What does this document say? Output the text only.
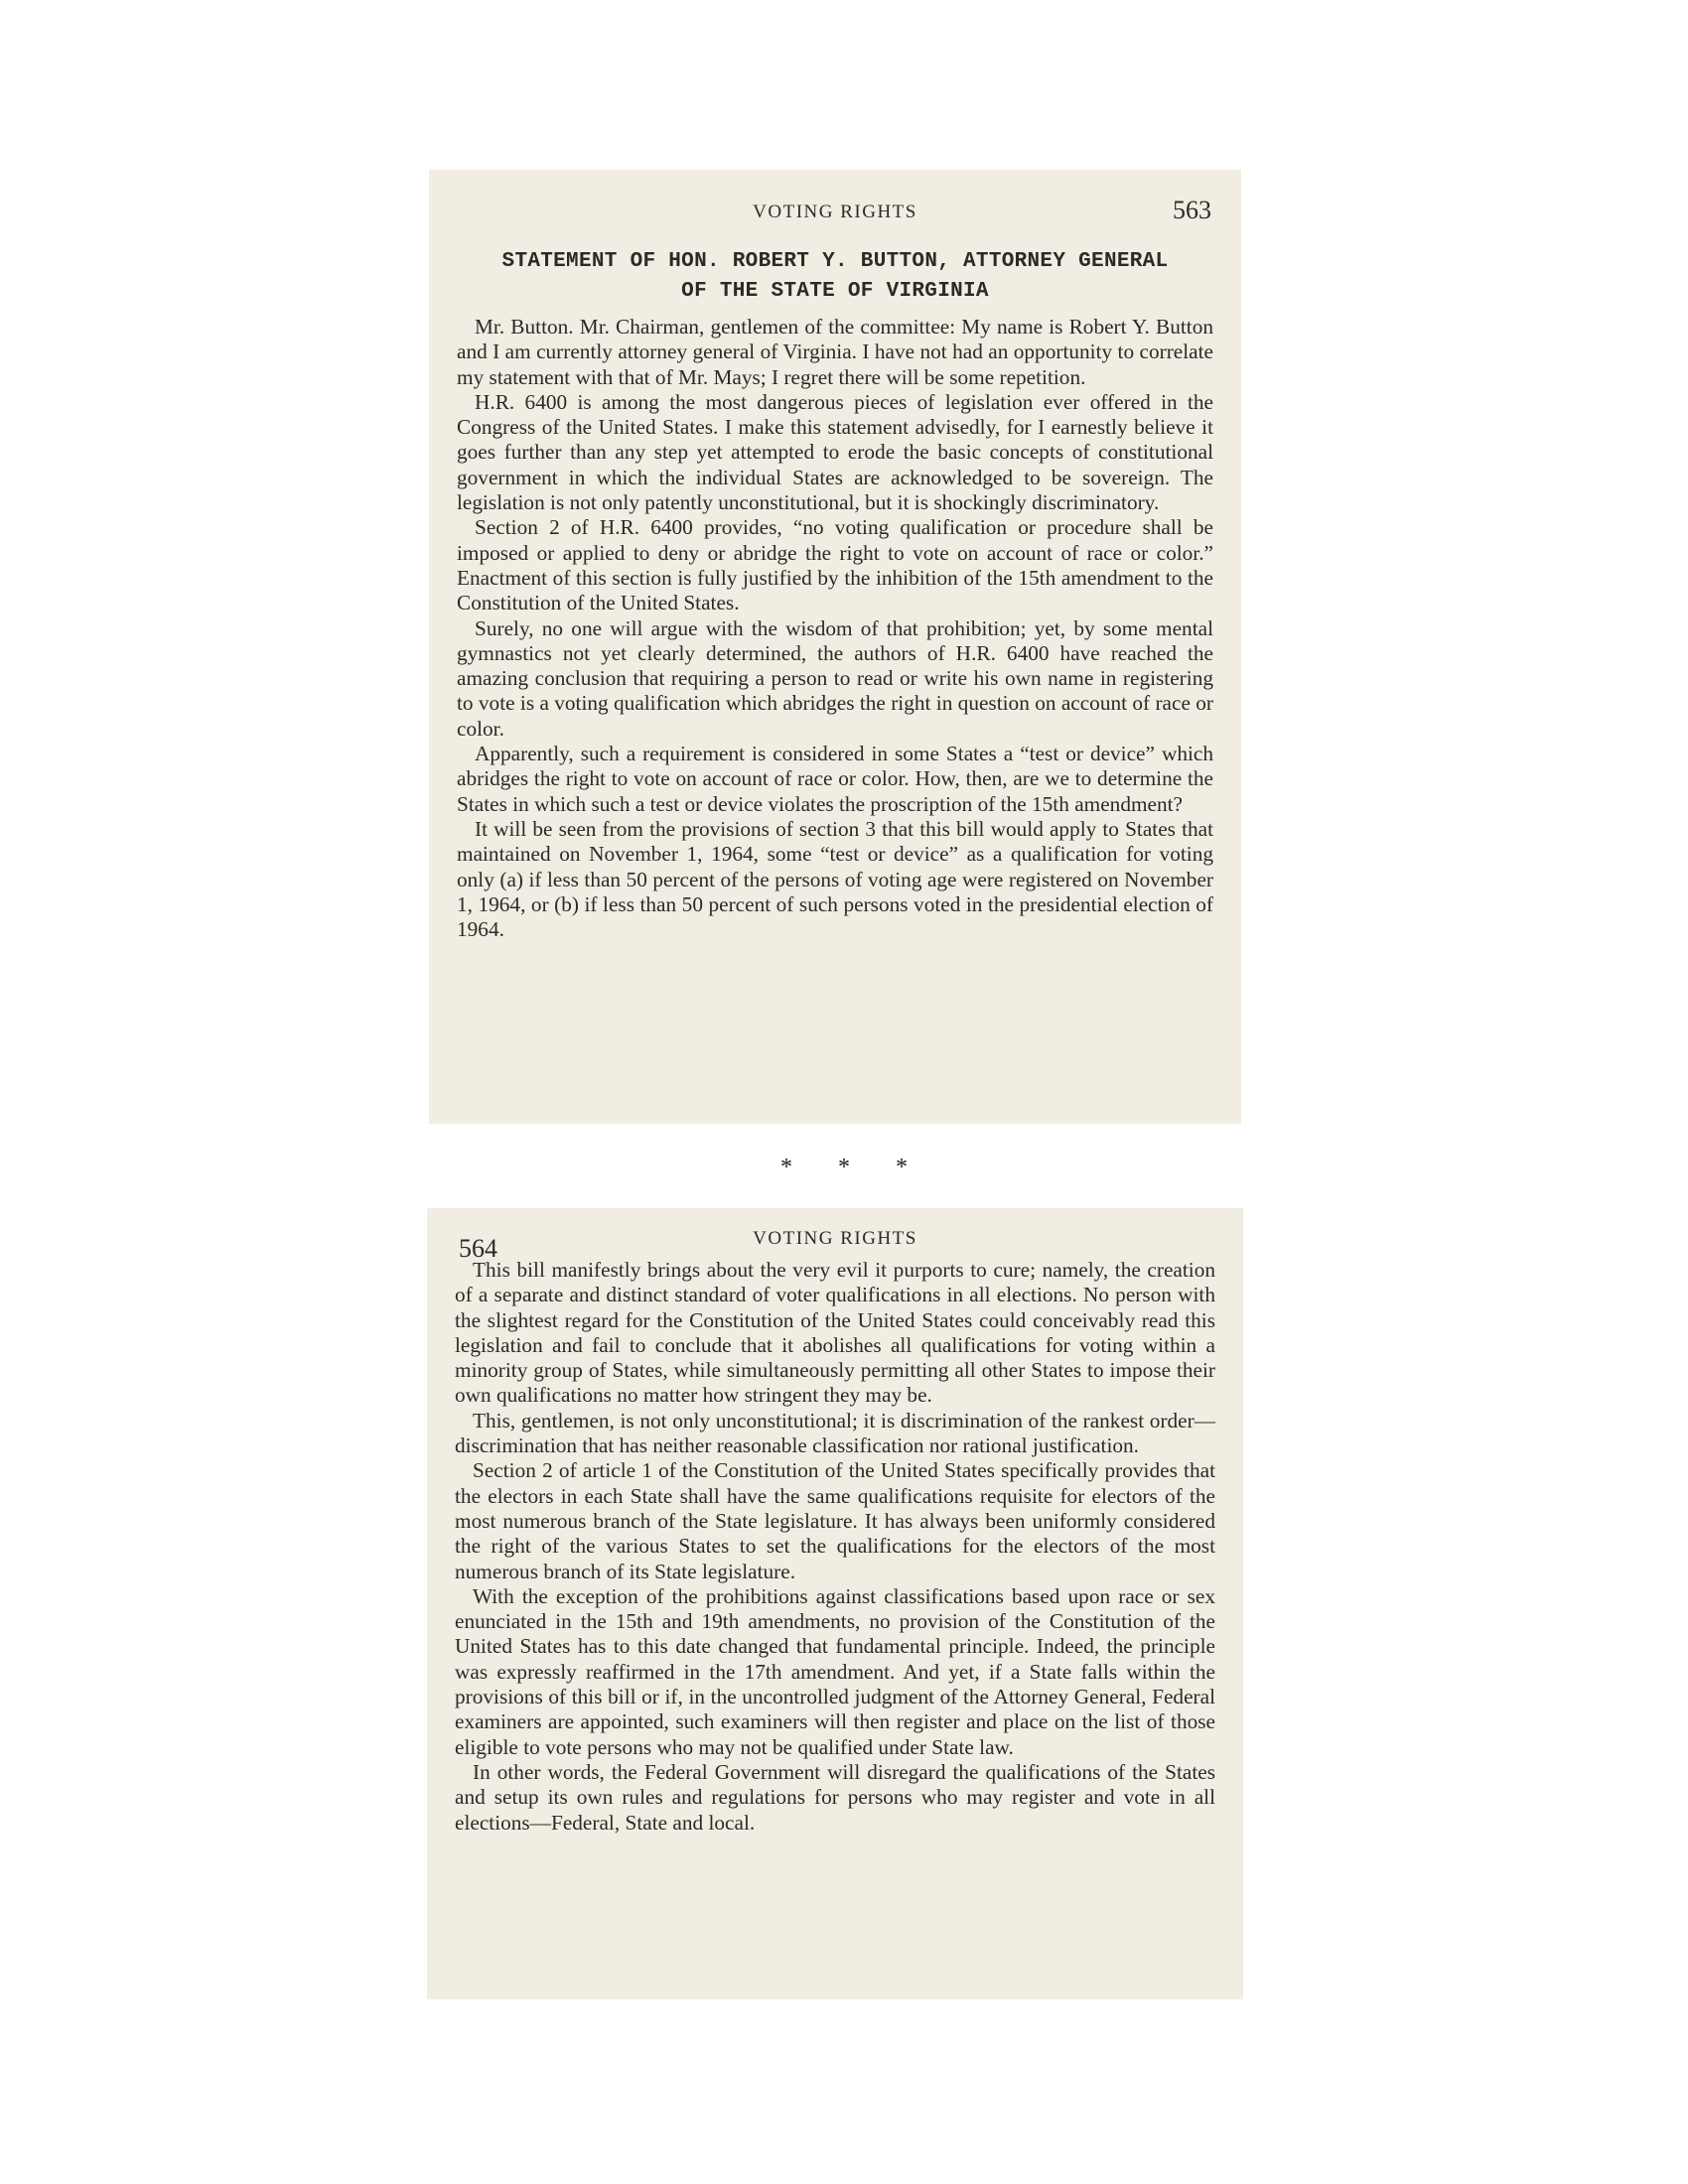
VOTING RIGHTS	563
STATEMENT OF HON. ROBERT Y. BUTTON, ATTORNEY GENERAL
OF THE STATE OF VIRGINIA

Mr. Button. Mr. Chairman, gentlemen of the committee: My name is Robert Y. Button and I am currently attorney general of Virginia. I have not had an opportunity to correlate my statement with that of Mr. Mays; I regret there will be some repetition.

H.R. 6400 is among the most dangerous pieces of legislation ever offered in the Congress of the United States. I make this statement advisedly, for I earnestly believe it goes further than any step yet attempted to erode the basic concepts of constitutional government in which the individual States are acknowledged to be sovereign. The legislation is not only patently unconstitutional, but it is shockingly discriminatory.

Section 2 of H.R. 6400 provides, “no voting qualification or procedure shall be imposed or applied to deny or abridge the right to vote on account of race or color.” Enactment of this section is fully justified by the inhibition of the 15th amendment to the Constitution of the United States.

Surely, no one will argue with the wisdom of that prohibition; yet, by some mental gymnastics not yet clearly determined, the authors of H.R. 6400 have reached the amazing conclusion that requiring a person to read or write his own name in registering to vote is a voting qualification which abridges the right in question on account of race or color.

Apparently, such a requirement is considered in some States a “test or device” which abridges the right to vote on account of race or color. How, then, are we to determine the States in which such a test or device violates the proscription of the 15th amendment?

It will be seen from the provisions of section 3 that this bill would apply to States that maintained on November 1, 1964, some “test or device” as a qualification for voting only (a) if less than 50 percent of the persons of voting age were registered on November 1, 1964, or (b) if less than 50 percent of such persons voted in the presidential election of 1964.

* * *
564	VOTING RIGHTS

This bill manifestly brings about the very evil it purports to cure; namely, the creation of a separate and distinct standard of voter qualifications in all elections. No person with the slightest regard for the Constitution of the United States could conceivably read this legislation and fail to conclude that it abolishes all qualifications for voting within a minority group of States, while simultaneously permitting all other States to impose their own qualifications no matter how stringent they may be.

This, gentlemen, is not only unconstitutional; it is discrimination of the rankest order—discrimination that has neither reasonable classification nor rational justification.

Section 2 of article 1 of the Constitution of the United States specifically provides that the electors in each State shall have the same qualifications requisite for electors of the most numerous branch of the State legislature. It has always been uniformly considered the right of the various States to set the qualifications for the electors of the most numerous branch of its State legislature.

With the exception of the prohibitions against classifications based upon race or sex enunciated in the 15th and 19th amendments, no provision of the Constitution of the United States has to this date changed that fundamental principle. Indeed, the principle was expressly reaffirmed in the 17th amendment. And yet, if a State falls within the provisions of this bill or if, in the uncontrolled judgment of the Attorney General, Federal examiners are appointed, such examiners will then register and place on the list of those eligible to vote persons who may not be qualified under State law.

In other words, the Federal Government will disregard the qualifications of the States and setup its own rules and regulations for persons who may register and vote in all elections—Federal, State and local.
